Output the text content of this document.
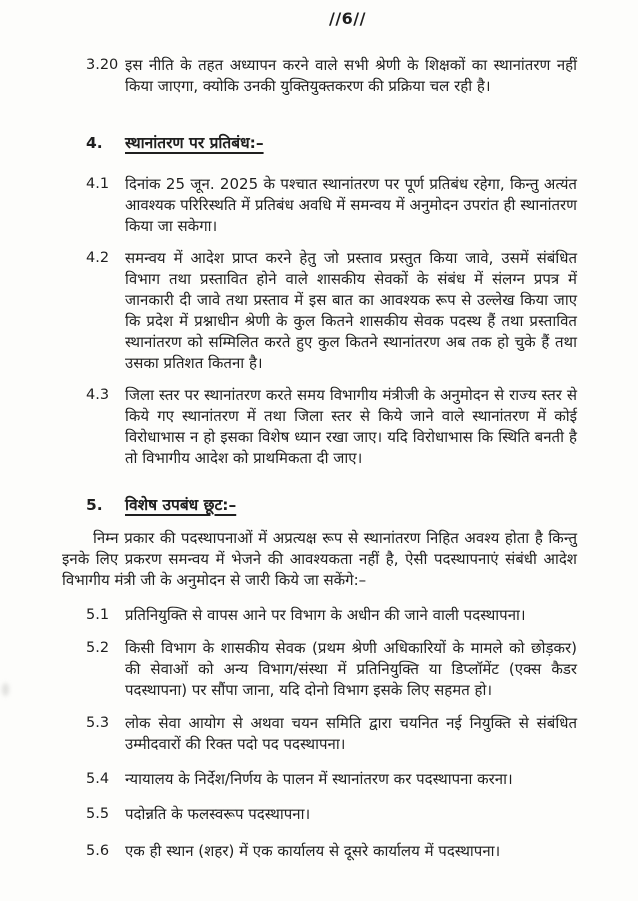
//6//
3.20 इस नीति के तहत अध्यापन करने वाले सभी श्रेणी के शिक्षकों का स्थानांतरण नहीं किया जाएगा, क्योकि उनकी युक्तियुक्तकरण की प्रक्रिया चल रही है।
4.	स्थानांतरण पर प्रतिबंध:–
4.1	दिनांक 25 जून. 2025 के पश्चात स्थानांतरण पर पूर्ण प्रतिबंध रहेगा, किन्तु अत्यंत आवश्यक परिरिस्थति में प्रतिबंध अवधि में समन्वय में अनुमोदन उपरांत ही स्थानांतरण किया जा सकेगा।
4.2	समन्वय में आदेश प्राप्त करने हेतु जो प्रस्ताव प्रस्तुत किया जावे, उसमें संबंधित विभाग तथा प्रस्तावित होने वाले शासकीय सेवकों के संबंध में संलग्न प्रपत्र में जानकारी दी जावे तथा प्रस्ताव में इस बात का आवश्यक रूप से उल्लेख किया जाए कि प्रदेश में प्रश्नाधीन श्रेणी के कुल कितने शासकीय सेवक पदस्थ हैं तथा प्रस्तावित स्थानांतरण को सम्मिलित करते हुए कुल कितने स्थानांतरण अब तक हो चुके हैं तथा उसका प्रतिशत कितना है।
4.3	जिला स्तर पर स्थानांतरण करते समय विभागीय मंत्रीजी के अनुमोदन से राज्य स्तर से किये गए स्थानांतरण में तथा जिला स्तर से किये जाने वाले स्थानांतरण में कोई विरोधाभास न हो इसका विशेष ध्यान रखा जाए। यदि विरोधाभास कि स्थिति बनती है तो विभागीय आदेश को प्राथमिकता दी जाए।
5.	विशेष उपबंध छूट:–

निम्न प्रकार की पदस्थापनाओं में अप्रत्यक्ष रूप से स्थानांतरण निहित अवश्य होता है किन्तु इनके लिए प्रकरण समन्वय में भेजने की आवश्यकता नहीं है, ऐसी पदस्थापनाएं संबंधी आदेश विभागीय मंत्री जी के अनुमोदन से जारी किये जा सकेंगे:–

5.1	प्रतिनियुक्ति से वापस आने पर विभाग के अधीन की जाने वाली पदस्थापना।
5.2	किसी विभाग के शासकीय सेवक (प्रथम श्रेणी अधिकारियों के मामले को छोड़कर) की सेवाओं को अन्य विभाग/संस्था में प्रतिनियुक्ति या डिप्लॉमेंट (एक्स कैडर पदस्थापना) पर सौंपा जाना, यदि दोनो विभाग इसके लिए सहमत हो।
5.3	लोक सेवा आयोग से अथवा चयन समिति द्वारा चयनित नई नियुक्ति से संबंधित उम्मीदवारों की रिक्त पदो पद पदस्थापना।
5.4	न्यायालय के निर्देश/निर्णय के पालन में स्थानांतरण कर पदस्थापना करना।
5.5	पदोन्नति के फलस्वरूप पदस्थापना।
5.6	एक ही स्थान (शहर) में एक कार्यालय से दूसरे कार्यालय में पदस्थापना।
